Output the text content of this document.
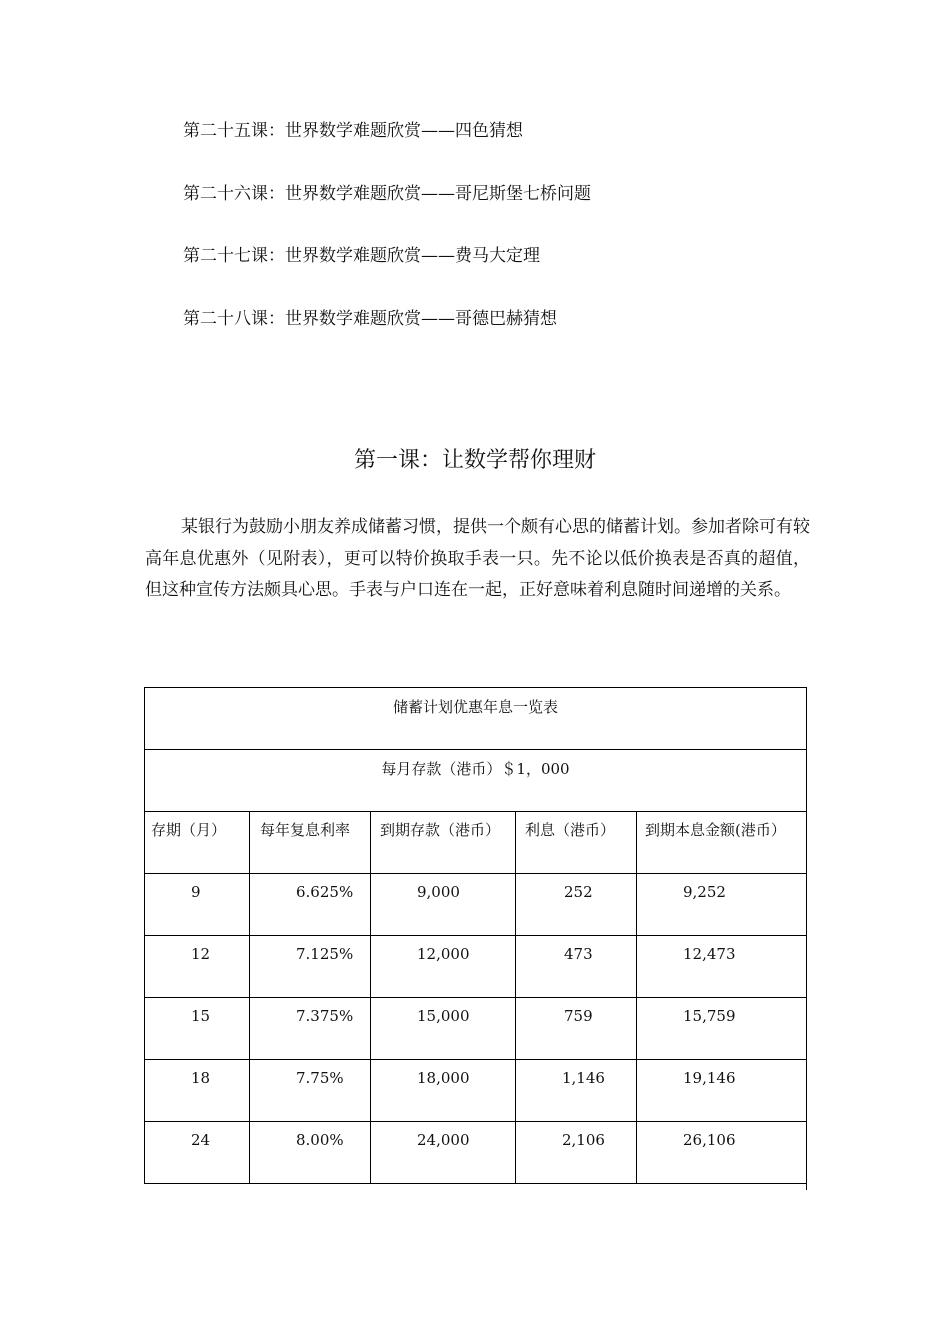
第二十五课：世界数学难题欣赏——四色猜想
第二十六课：世界数学难题欣赏——哥尼斯堡七桥问题
第二十七课：世界数学难题欣赏——费马大定理
第二十八课：世界数学难题欣赏——哥德巴赫猜想
第一课：让数学帮你理财
某银行为鼓励小朋友养成储蓄习惯，提供一个颇有心思的储蓄计划。参加者除可有较高年息优惠外（见附表），更可以特价换取手表一只。先不论以低价换表是否真的超值，但这种宣传方法颇具心思。手表与户口连在一起，正好意味着利息随时间递增的关系。
储蓄计划优惠年息一览表				

每月存款（港币）＄1，000				

存期（月）	每年复息利率	到期存款（港币）	利息（港币）	到期本息金额(港币）

9	6.625%	9,000	252	9,252

12	7.125%	12,000	473	12,473

15	7.375%	15,000	759	15,759

18	7.75%	18,000	1,146	19,146

24	8.00%	24,000	2,106	26,106
